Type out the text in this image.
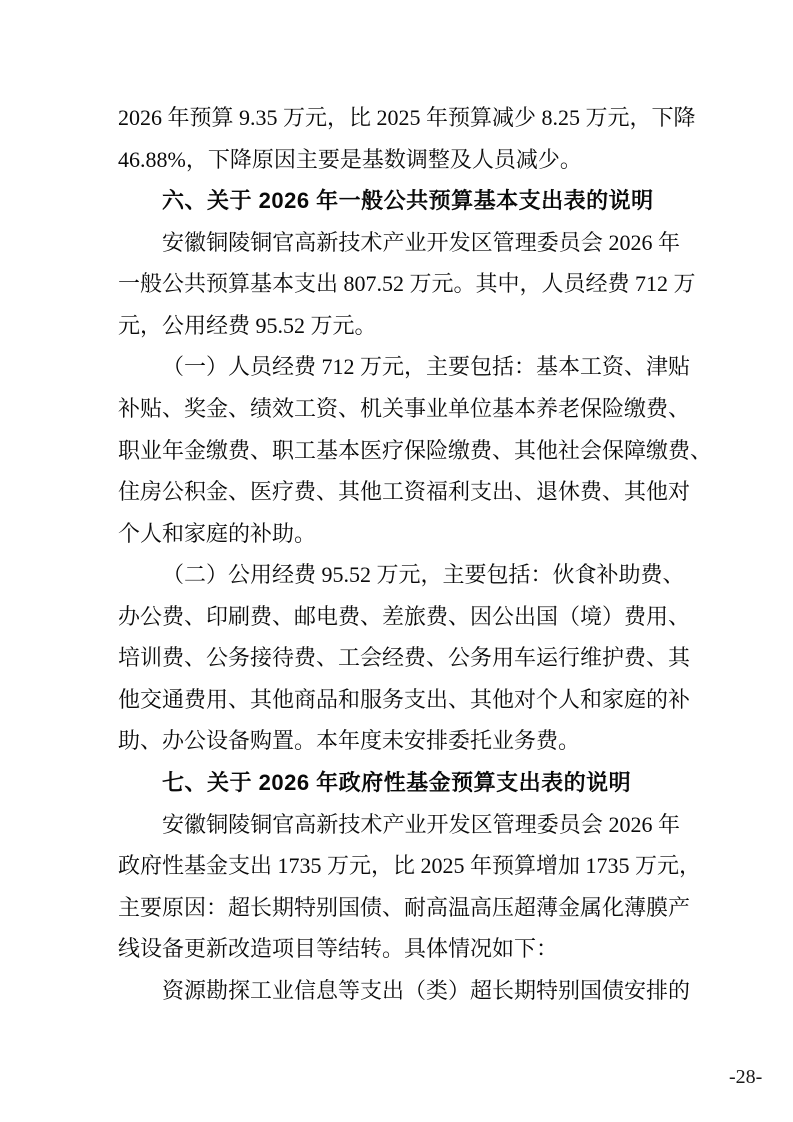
2026 年预算 9.35 万元，比 2025 年预算减少 8.25 万元，下降
46.88%，下降原因主要是基数调整及人员减少。
六、关于 2026 年一般公共预算基本支出表的说明
安徽铜陵铜官高新技术产业开发区管理委员会 2026 年
一般公共预算基本支出 807.52 万元。其中，人员经费 712 万
元，公用经费 95.52 万元。
（一）人员经费 712 万元，主要包括：基本工资、津贴
补贴、奖金、绩效工资、机关事业单位基本养老保险缴费、
职业年金缴费、职工基本医疗保险缴费、其他社会保障缴费、
住房公积金、医疗费、其他工资福利支出、退休费、其他对
个人和家庭的补助。
（二）公用经费 95.52 万元，主要包括：伙食补助费、
办公费、印刷费、邮电费、差旅费、因公出国（境）费用、
培训费、公务接待费、工会经费、公务用车运行维护费、其
他交通费用、其他商品和服务支出、其他对个人和家庭的补
助、办公设备购置。本年度未安排委托业务费。
七、关于 2026 年政府性基金预算支出表的说明
安徽铜陵铜官高新技术产业开发区管理委员会 2026 年
政府性基金支出 1735 万元，比 2025 年预算增加 1735 万元，
主要原因：超长期特别国债、耐高温高压超薄金属化薄膜产
线设备更新改造项目等结转。具体情况如下：
资源勘探工业信息等支出（类）超长期特别国债安排的
-28-
